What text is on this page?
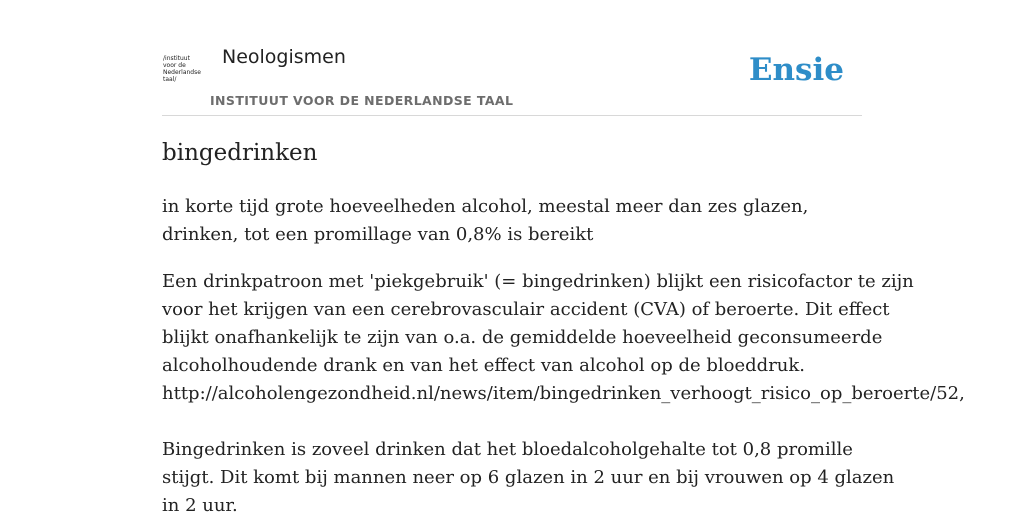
/instituut
voor de
Nederlandse
taal/
Neologismen
INSTITUUT VOOR DE NEDERLANDSE TAAL
Ensie
bingedrinken

in korte tijd grote hoeveelheden alcohol, meestal meer dan zes glazen, drinken, tot een promillage van 0,8% is bereikt

Een drinkpatroon met 'piekgebruik' (= bingedrinken) blijkt een risicofactor te zijn
voor het krijgen van een cerebrovasculair accident (CVA) of beroerte. Dit effect
blijkt onafhankelijk te zijn van o.a. de gemiddelde hoeveelheid geconsumeerde
alcoholhoudende drank en van het effect van alcohol op de bloeddruk.
http://alcoholengezondheid.nl/news/item/bingedrinken_verhoogt_risico_op_beroerte/52,
Bingedrinken is zoveel drinken dat het bloedalcoholgehalte tot 0,8 promille
stijgt. Dit komt bij mannen neer op 6 glazen in 2 uur en bij vrouwen op 4 glazen
in 2 uur.
